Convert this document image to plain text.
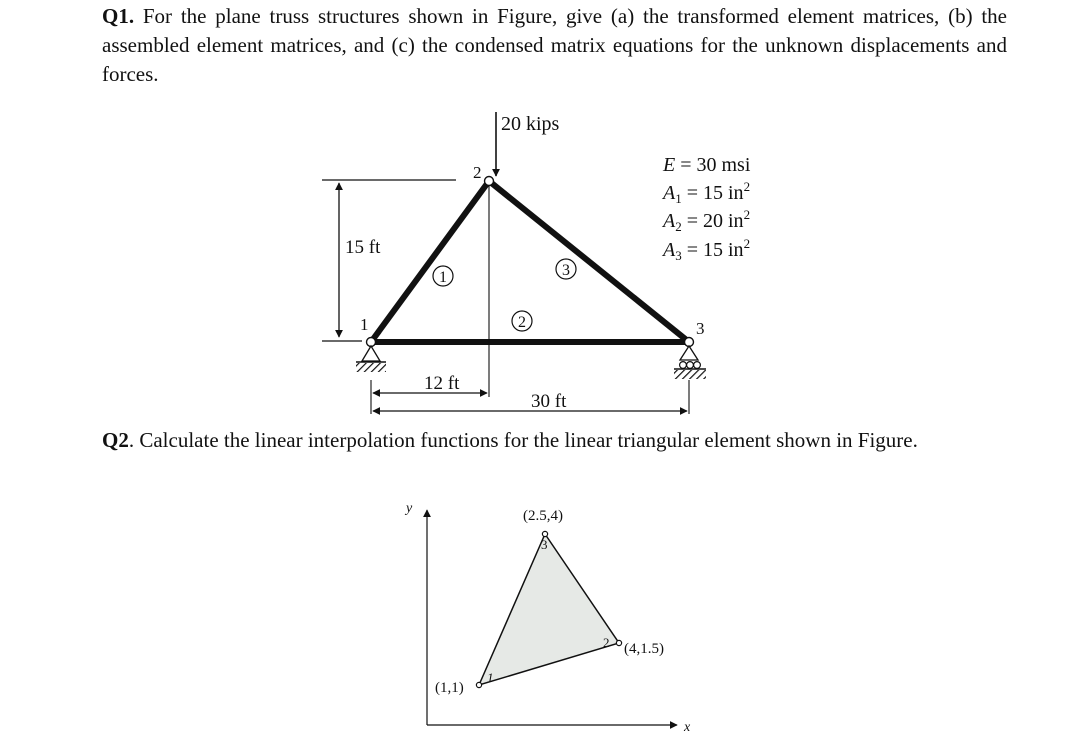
Q1. For the plane truss structures shown in Figure, give (a) the transformed element matrices, (b) the assembled element matrices, and (c) the condensed matrix equations for the unknown displacements and forces.

Q2. Calculate the linear interpolation functions for the linear triangular element shown in Figure.

15 ft
1
2
3
1
2
3
20 kips
12 ft
30 ft
E = 30 msi
$A_1 = 15$ $in^2$
$A_2 = 20$ $in^2$
$A_3 = 15$ $in^2$
y
x
1
2
3
(1,1)
(4,1.5)
(2.5,4)
